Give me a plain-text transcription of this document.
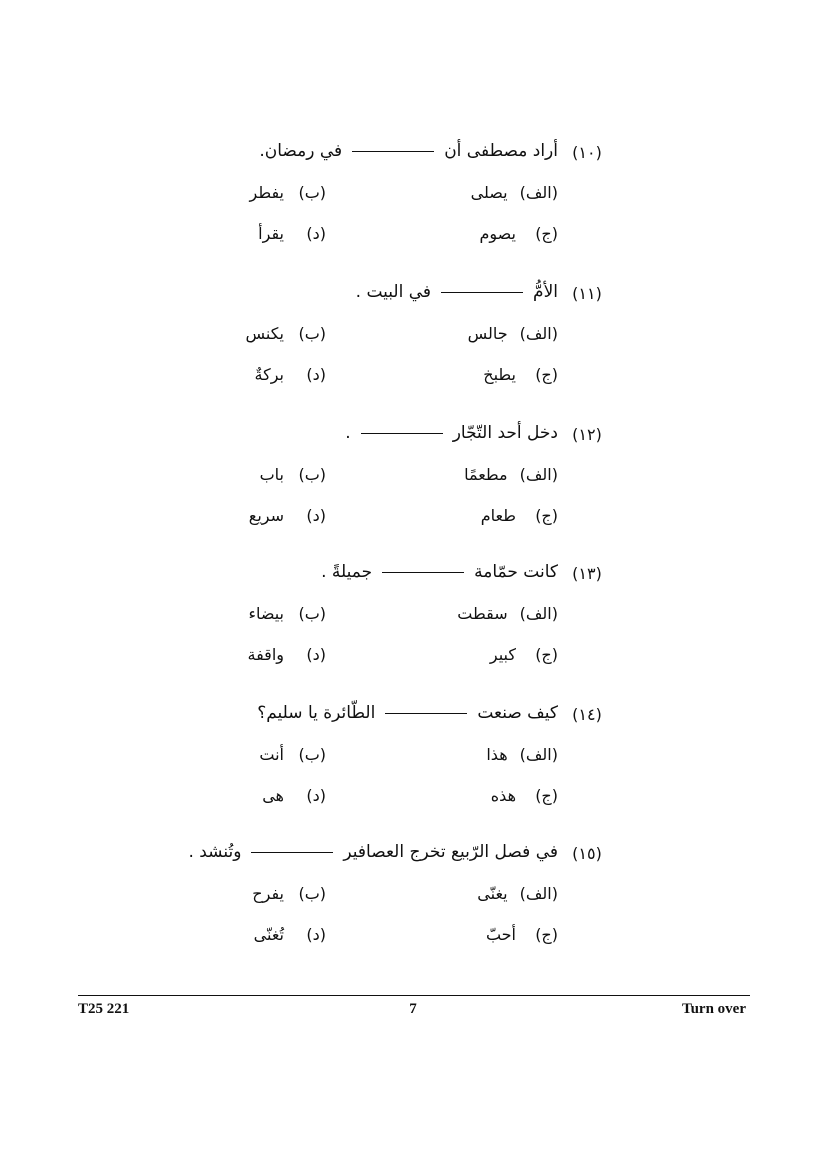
(١٠)
أراد مصطفى أنفي رمضان.
(الف)يصلى
(ب)يفطر
(ج)يصوم
(د)يقرأ
(١١)
الأمُّفي البيت .
(الف)جالس
(ب)يكنس
(ج)يطبخ
(د)بركةٌ
(١٢)
دخل أحد التّجّار.
(الف)مطعمًا
(ب)باب
(ج)طعام
(د)سريع
(١٣)
كانت حمّامةجميلةً .
(الف)سقطت
(ب)بيضاء
(ج)كبير
(د)واقفة
(١٤)
كيف صنعتالطّائرة يا سليم؟
(الف)هذا
(ب)أنت
(ج)هذه
(د)هى
(١٥)
في فصل الرّبيع تخرج العصافيروتُنشد .
(الف)يغنّى
(ب)يفرح
(ج)أحبّ
(د)تُغنّى
T25 221	7	Turn over
